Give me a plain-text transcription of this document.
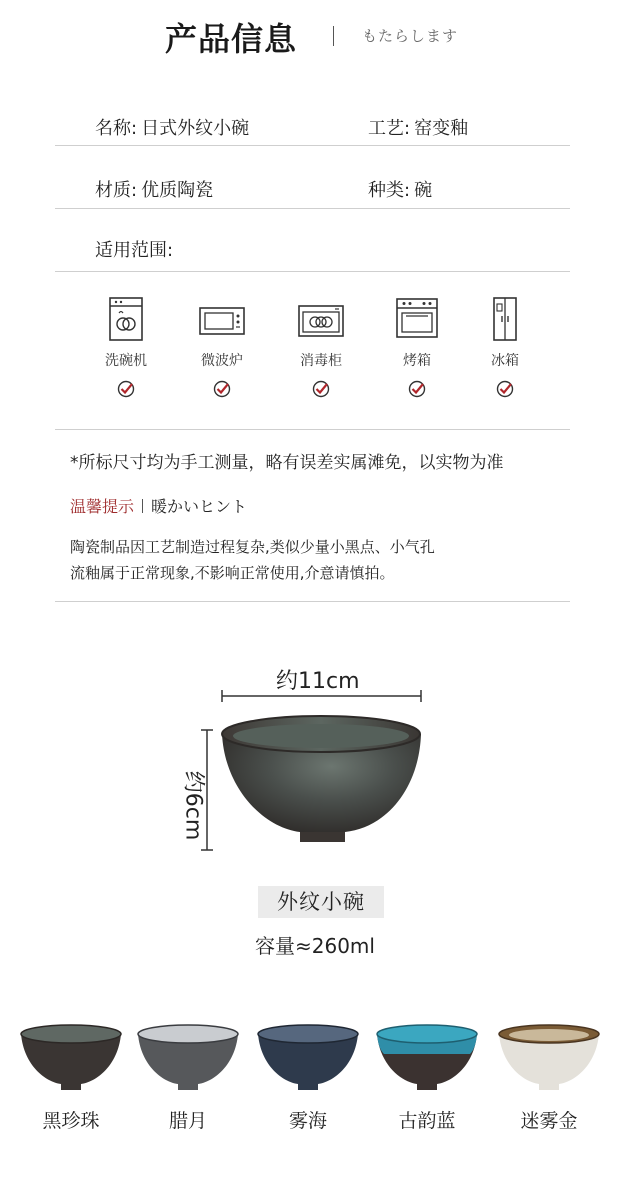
产品信息	もたらします
名称: 日式外纹小碗	工艺: 窑变釉
材质: 优质陶瓷	种类: 碗
适用范围:
洗碗机	微波炉	消毒柜	烤箱	冰箱
*所标尺寸均为手工测量，略有误差实属滩免，以实物为准
温馨提示 暖かいヒント
陶瓷制品因工艺制造过程复杂,类似少量小黑点、小气孔
流釉属于正常现象,不影响正常使用,介意请慎拍。
约11cm
约6cm
外纹小碗
容量≈260ml
黑珍珠	腊月	雾海	古韵蓝	迷雾金
